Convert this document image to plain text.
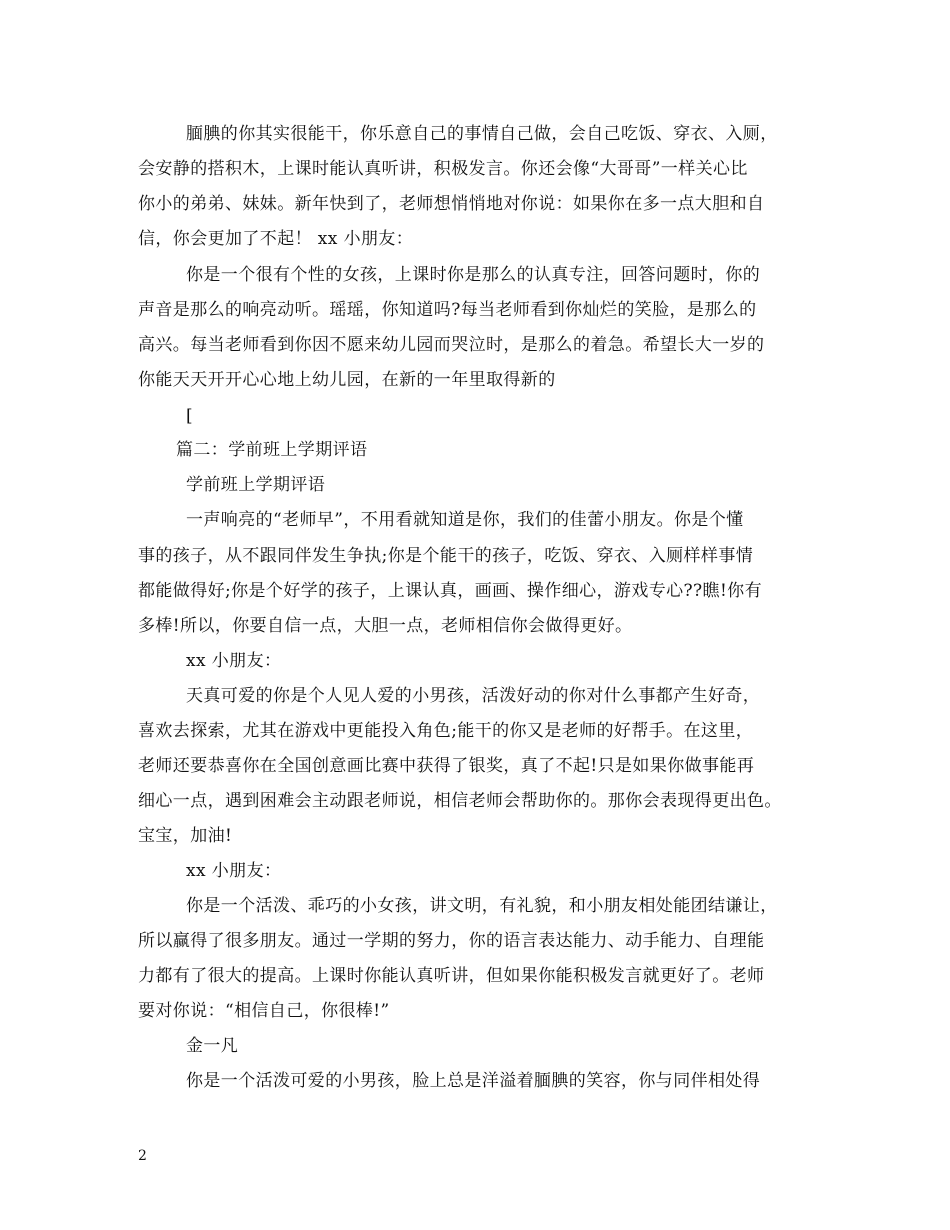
腼腆的你其实很能干，你乐意自己的事情自己做，会自己吃饭、穿衣、入厕，
会安静的搭积木，上课时能认真听讲，积极发言。你还会像“大哥哥”一样关心比
你小的弟弟、妹妹。新年快到了，老师想悄悄地对你说：如果你在多一点大胆和自
信，你会更加了不起！ xx 小朋友：
你是一个很有个性的女孩，上课时你是那么的认真专注，回答问题时，你的
声音是那么的响亮动听。瑶瑶，你知道吗?每当老师看到你灿烂的笑脸，是那么的
高兴。每当老师看到你因不愿来幼儿园而哭泣时，是那么的着急。希望长大一岁的
你能天天开开心心地上幼儿园，在新的一年里取得新的
[
篇二：学前班上学期评语
学前班上学期评语
一声响亮的“老师早”，不用看就知道是你，我们的佳蕾小朋友。你是个懂
事的孩子，从不跟同伴发生争执;你是个能干的孩子，吃饭、穿衣、入厕样样事情
都能做得好;你是个好学的孩子，上课认真，画画、操作细心，游戏专心??瞧!你有
多棒!所以，你要自信一点，大胆一点，老师相信你会做得更好。
xx 小朋友：
天真可爱的你是个人见人爱的小男孩，活泼好动的你对什么事都产生好奇，
喜欢去探索，尤其在游戏中更能投入角色;能干的你又是老师的好帮手。在这里，
老师还要恭喜你在全国创意画比赛中获得了银奖，真了不起!只是如果你做事能再
细心一点，遇到困难会主动跟老师说，相信老师会帮助你的。那你会表现得更出色。
宝宝，加油!
xx 小朋友：
你是一个活泼、乖巧的小女孩，讲文明，有礼貌，和小朋友相处能团结谦让，
所以赢得了很多朋友。通过一学期的努力，你的语言表达能力、动手能力、自理能
力都有了很大的提高。上课时你能认真听讲，但如果你能积极发言就更好了。老师
要对你说：“相信自己，你很棒!”
金一凡
你是一个活泼可爱的小男孩，脸上总是洋溢着腼腆的笑容，你与同伴相处得
2
